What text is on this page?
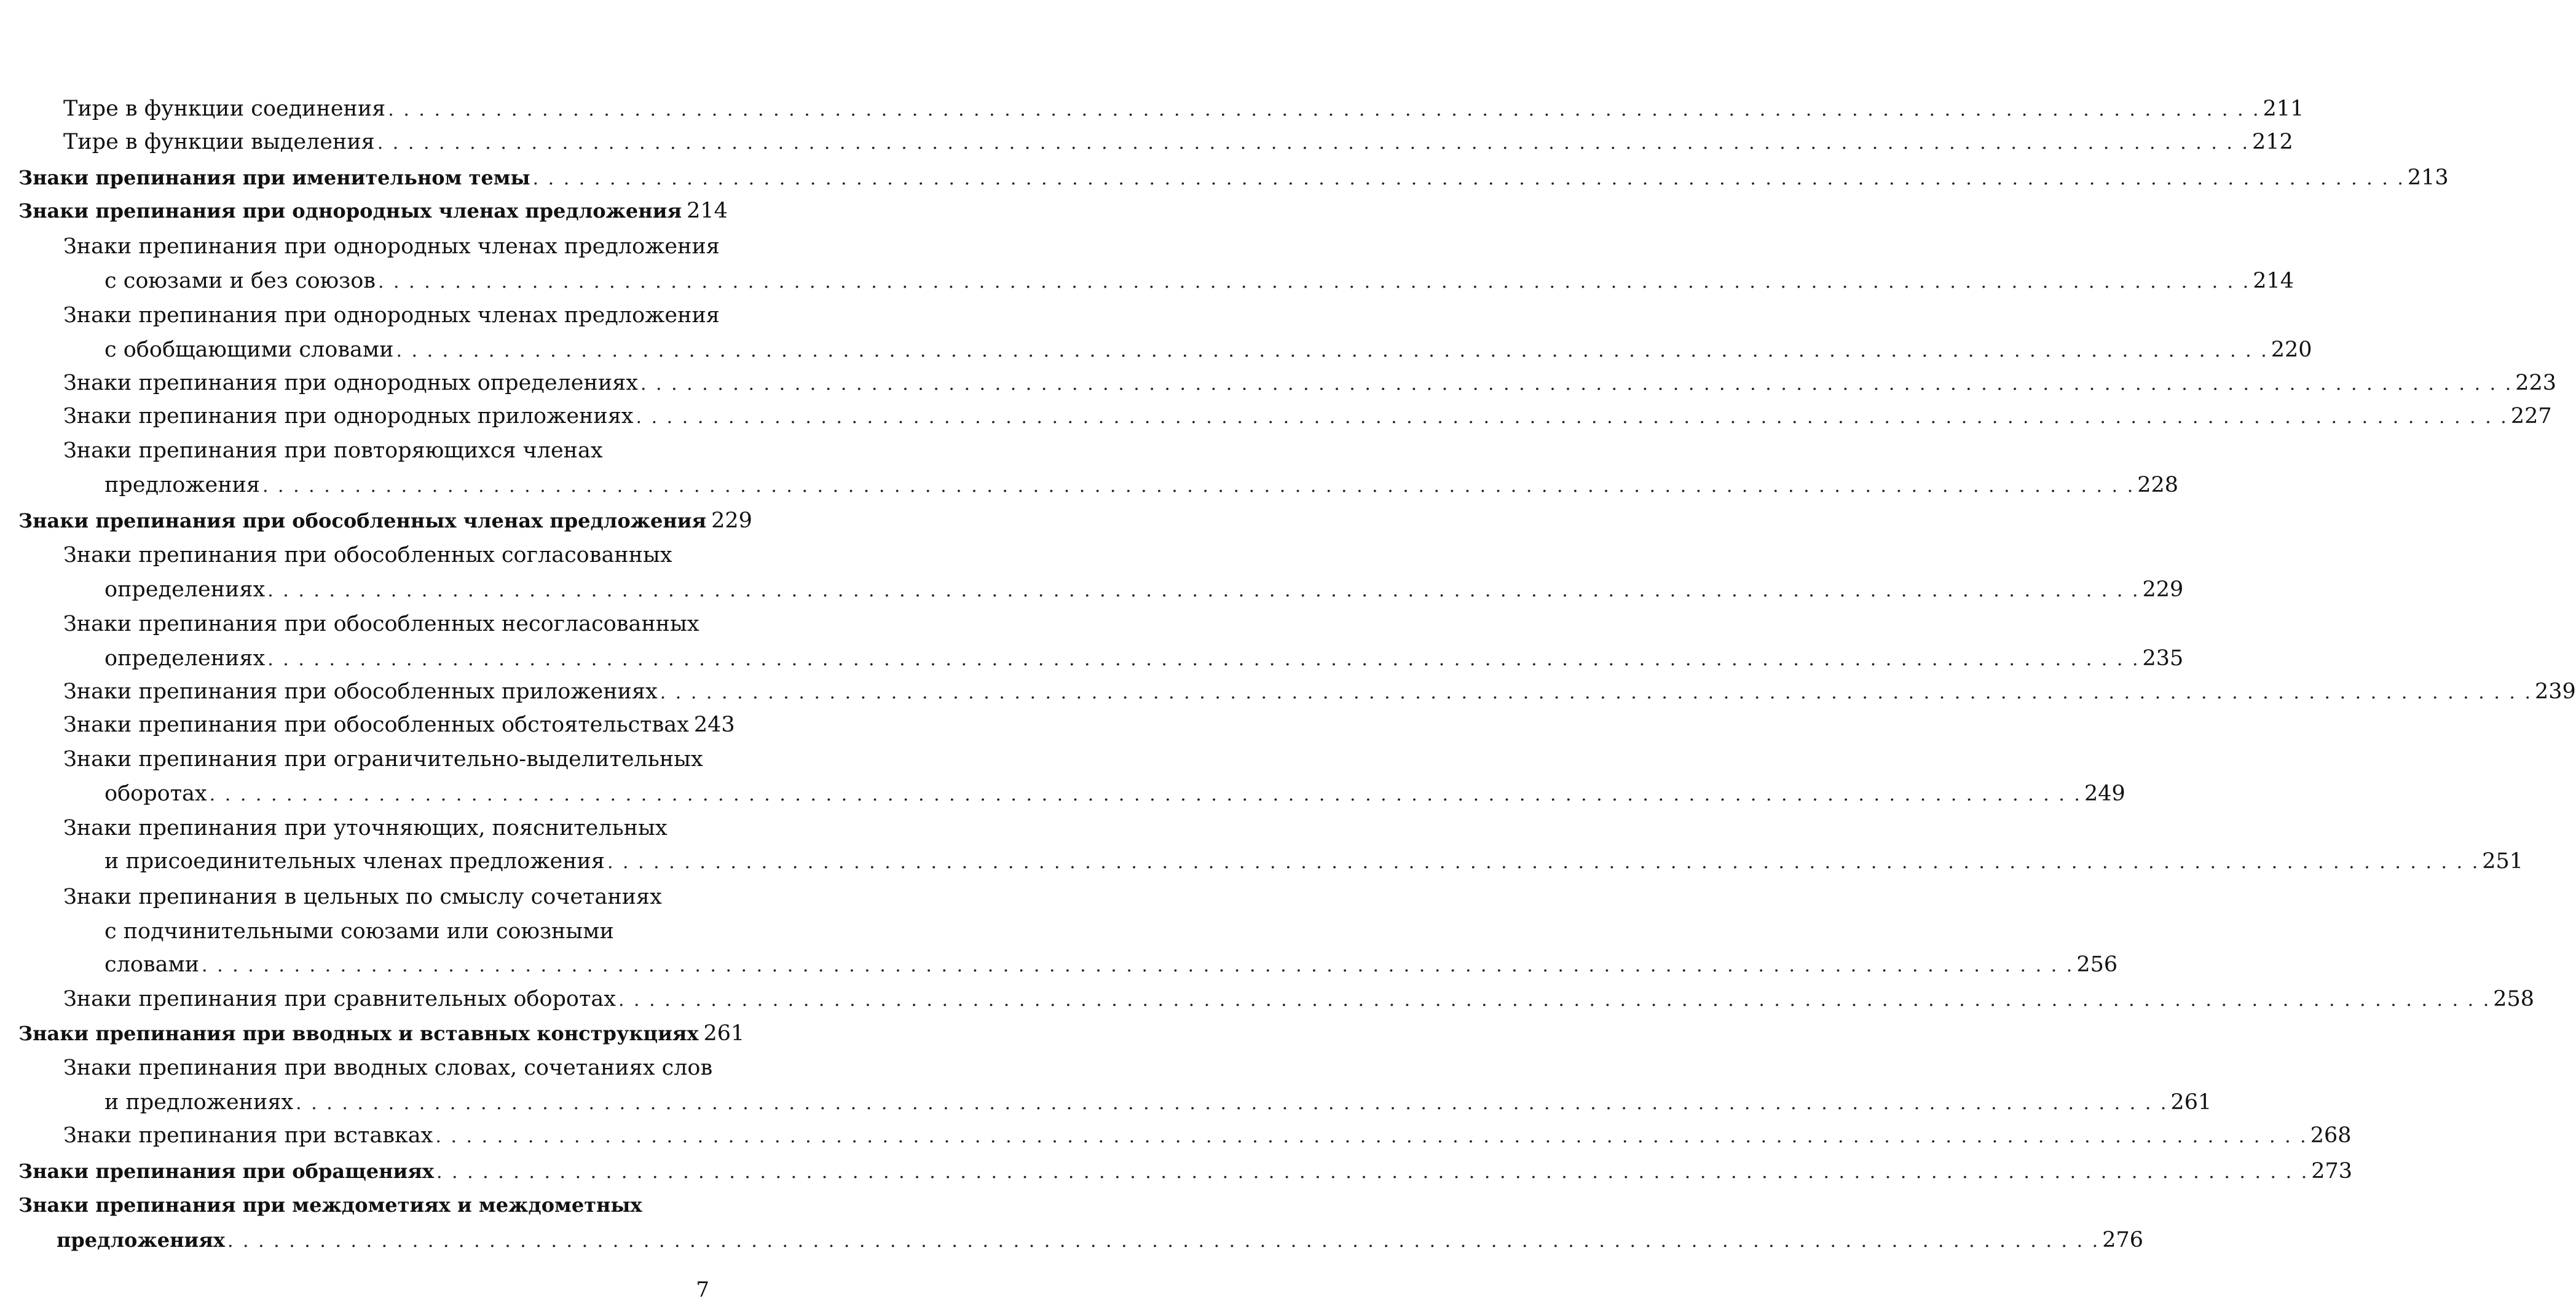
Тире в функции соединения . . .	211
Тире в функции выделения . . .	212
Знаки препинания при именительном темы . . .	213
Знаки препинания при однородных членах предложения 214
Знаки препинания при однородных членах предложения
с союзами и без союзов . . .	214
Знаки препинания при однородных членах предложения
с обобщающими словами . . .	220
Знаки препинания при однородных определениях . . .	223
Знаки препинания при однородных приложениях . . .	227
Знаки препинания при повторяющихся членах
предложения . . .	228
Знаки препинания при обособленных членах предложения 229
Знаки препинания при обособленных согласованных
определениях . . .	229
Знаки препинания при обособленных несогласованных
определениях . . .	235
Знаки препинания при обособленных приложениях . . .	239
Знаки препинания при обособленных обстоятельствах 243
Знаки препинания при ограничительно-выделительных
оборотах . . .	249
Знаки препинания при уточняющих, пояснительных
и присоединительных членах предложения . . .	251
Знаки препинания в цельных по смыслу сочетаниях
с подчинительными союзами или союзными
словами . . .	256
Знаки препинания при сравнительных оборотах . . .	258
Знаки препинания при вводных и вставных конструкциях 261
Знаки препинания при вводных словах, сочетаниях слов
и предложениях . . .	261
Знаки препинания при вставках . . .	268
Знаки препинания при обращениях . . .	273
Знаки препинания при междометиях и междометных
предложениях . . .	276
7
